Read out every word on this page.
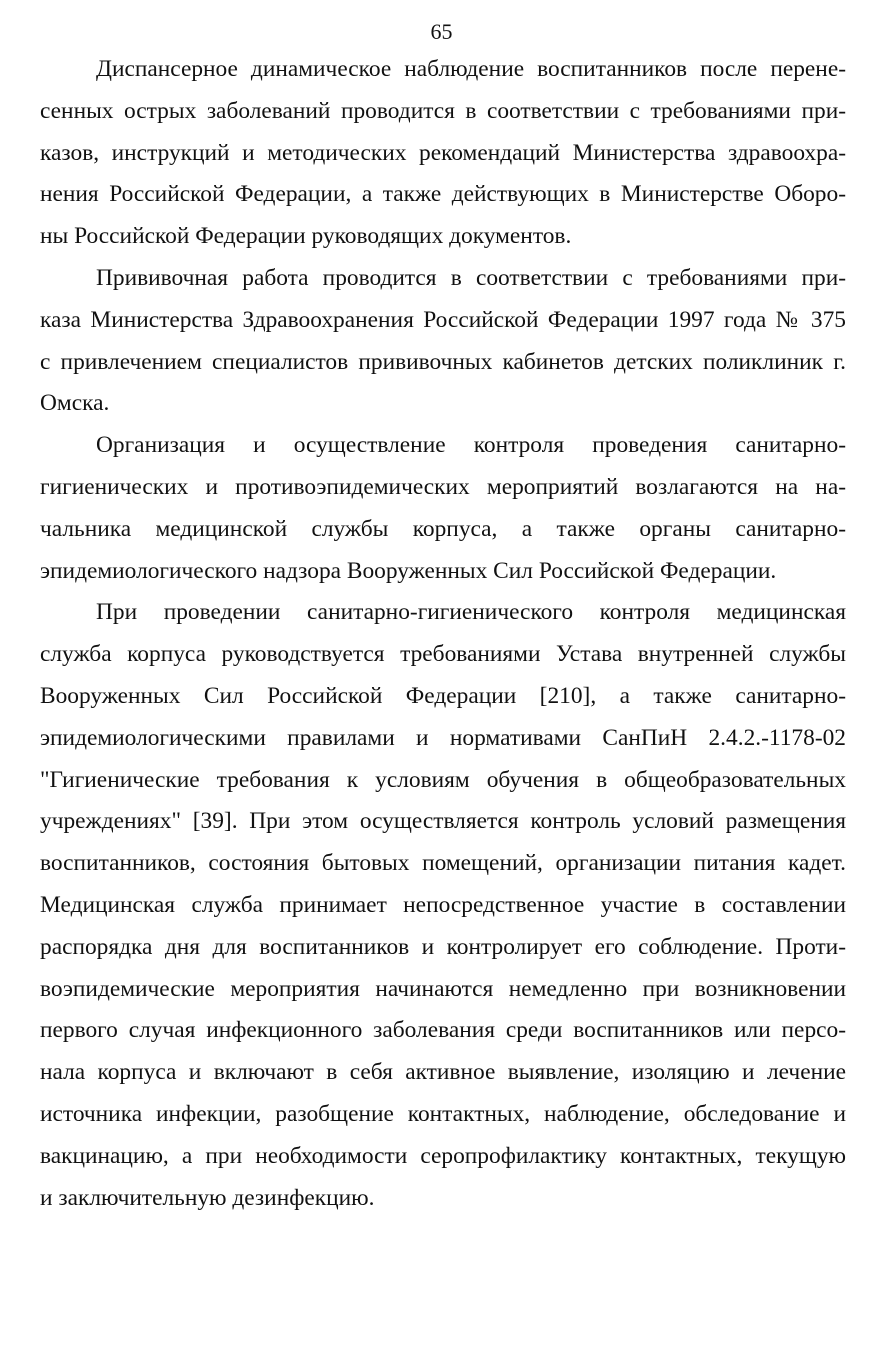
65
Диспансерное динамическое наблюдение воспитанников после перене-
сенных острых заболеваний проводится в соответствии с требованиями при-
казов, инструкций и методических рекомендаций Министерства здравоохра-
нения Российской Федерации, а также действующих в Министерстве Оборо-
ны Российской Федерации руководящих документов.
Прививочная работа проводится в соответствии с требованиями при-
каза Министерства Здравоохранения Российской Федерации 1997 года № 375
с привлечением специалистов прививочных кабинетов детских поликлиник г.
Омска.
Организация и осуществление контроля проведения санитарно-
гигиенических и противоэпидемических мероприятий возлагаются на на-
чальника медицинской службы корпуса, а также органы санитарно-
эпидемиологического надзора Вооруженных Сил Российской Федерации.
При проведении санитарно-гигиенического контроля медицинская
служба корпуса руководствуется требованиями Устава внутренней службы
Вооруженных Сил Российской Федерации [210], а также санитарно-
эпидемиологическими правилами и нормативами СанПиН 2.4.2.-1178-02
"Гигиенические требования к условиям обучения в общеобразовательных
учреждениях" [39]. При этом осуществляется контроль условий размещения
воспитанников, состояния бытовых помещений, организации питания кадет.
Медицинская служба принимает непосредственное участие в составлении
распорядка дня для воспитанников и контролирует его соблюдение. Проти-
воэпидемические мероприятия начинаются немедленно при возникновении
первого случая инфекционного заболевания среди воспитанников или персо-
нала корпуса и включают в себя активное выявление, изоляцию и лечение
источника инфекции, разобщение контактных, наблюдение, обследование и
вакцинацию, а при необходимости серопрофилактику контактных, текущую
и заключительную дезинфекцию.
